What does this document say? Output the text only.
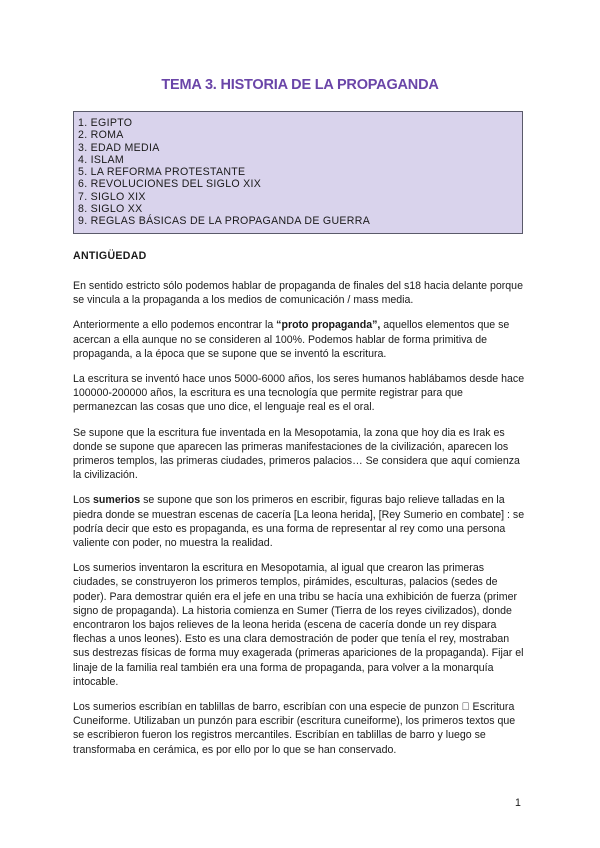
TEMA 3. HISTORIA DE LA PROPAGANDA
1. EGIPTO
2. ROMA
3. EDAD MEDIA
4. ISLAM
5. LA REFORMA PROTESTANTE
6. REVOLUCIONES DEL SIGLO XIX
7. SIGLO XIX
8. SIGLO XX
9. REGLAS BÁSICAS DE LA PROPAGANDA DE GUERRA
ANTIGÜEDAD

En sentido estricto sólo podemos hablar de propaganda de finales del s18 hacia delante porque se vincula a la propaganda a los medios de comunicación / mass media.

Anteriormente a ello podemos encontrar la “proto propaganda”, aquellos elementos que se acercan a ella aunque no se consideren al 100%. Podemos hablar de forma primitiva de propaganda, a la época que se supone que se inventó la escritura.

La escritura se inventó hace unos 5000-6000 años, los seres humanos hablábamos desde hace 100000-200000 años, la escritura es una tecnología que permite registrar para que permanezcan las cosas que uno dice, el lenguaje real es el oral.

Se supone que la escritura fue inventada en la Mesopotamia, la zona que hoy dia es Irak es donde se supone que aparecen las primeras manifestaciones de la civilización, aparecen los primeros templos, las primeras ciudades, primeros palacios… Se considera que aquí comienza la civilización.

Los sumerios se supone que son los primeros en escribir, figuras bajo relieve talladas en la piedra donde se muestran escenas de cacería [La leona herida], [Rey Sumerio en combate] : se podría decir que esto es propaganda, es una forma de representar al rey como una persona valiente con poder, no muestra la realidad.

Los sumerios inventaron la escritura en Mesopotamia, al igual que crearon las primeras ciudades, se construyeron los primeros templos, pirámides, esculturas, palacios (sedes de poder). Para demostrar quién era el jefe en una tribu se hacía una exhibición de fuerza (primer signo de propaganda). La historia comienza en Sumer (Tierra de los reyes civilizados), donde encontraron los bajos relieves de la leona herida (escena de cacería donde un rey dispara flechas a unos leones). Esto es una clara demostración de poder que tenía el rey, mostraban sus destrezas físicas de forma muy exagerada (primeras apariciones de la propaganda). Fijar el linaje de la familia real también era una forma de propaganda, para volver a la monarquía intocable.

Los sumerios escribían en tablillas de barro, escribían con una especie de punzon Escritura Cuneiforme. Utilizaban un punzón para escribir (escritura cuneiforme), los primeros textos que se escribieron fueron los registros mercantiles. Escribían en tablillas de barro y luego se transformaba en cerámica, es por ello por lo que se han conservado.

1
